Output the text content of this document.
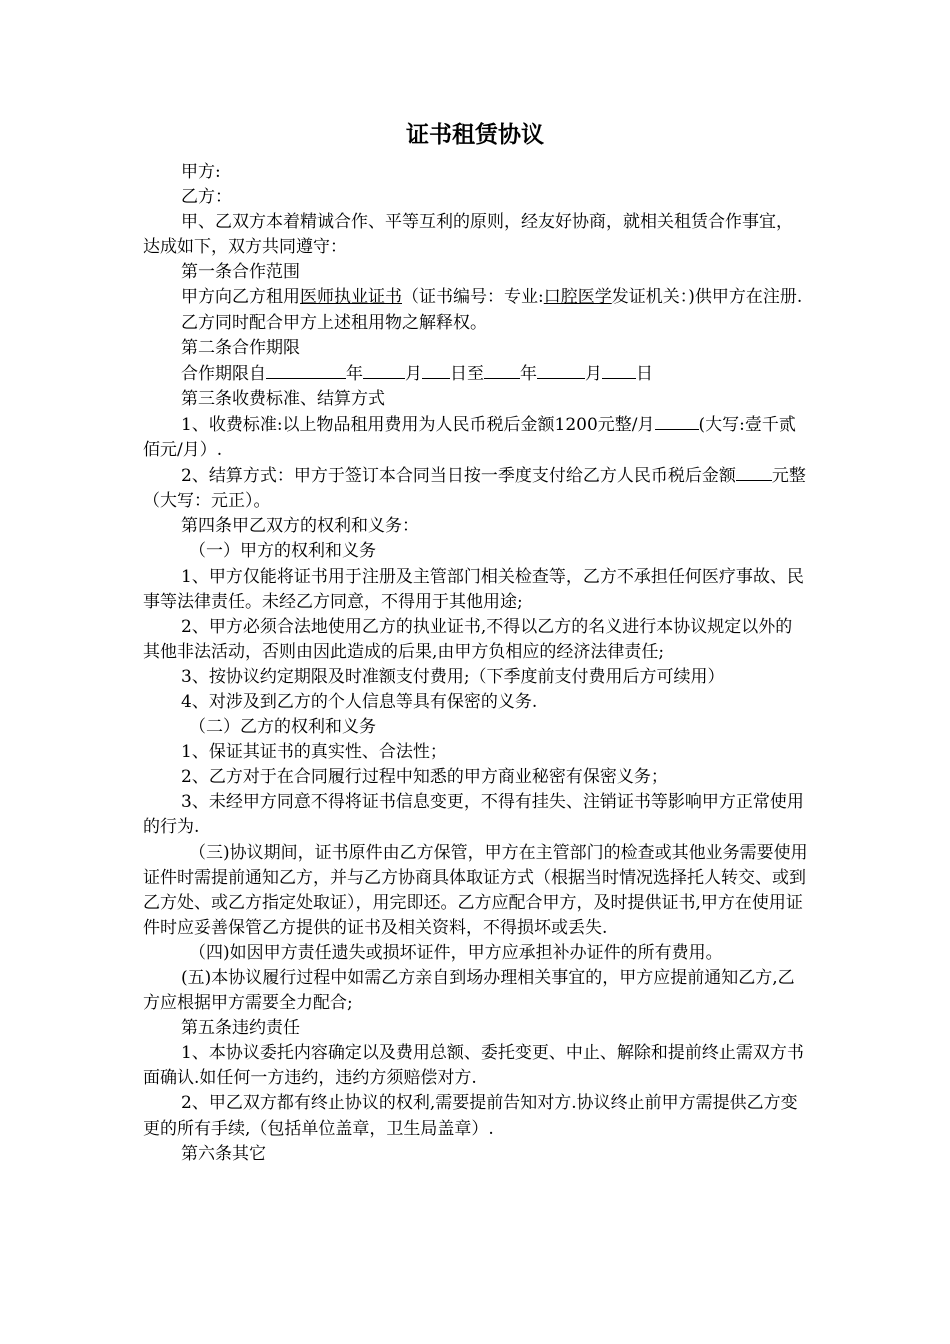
证书租赁协议

甲方:

乙方：

甲、乙双方本着精诚合作、平等互利的原则，经友好协商，就相关租赁合作事宜，达成如下，双方共同遵守：

第一条合作范围

甲方向乙方租用医师执业证书（证书编号：专业:口腔医学发证机关：)供甲方在注册.

乙方同时配合甲方上述租用物之解释权。

第二条合作期限

合作期限自	年 月 日至 年	月 日

第三条收费标准、结算方式

1、收费标准:以上物品租用费用为人民币税后金额1200元整/月	(大写:壹千贰佰元/月）.

2、结算方式：甲方于签订本合同当日按一季度支付给乙方人民币税后金额 元整（大写：元正）。

第四条甲乙双方的权利和义务：

（一）甲方的权利和义务

1、甲方仅能将证书用于注册及主管部门相关检查等，乙方不承担任何医疗事故、民事等法律责任。未经乙方同意，不得用于其他用途;

2、甲方必须合法地使用乙方的执业证书,不得以乙方的名义进行本协议规定以外的其他非法活动，否则由因此造成的后果,由甲方负相应的经济法律责任;

3、按协议约定期限及时准额支付费用;（下季度前支付费用后方可续用）

4、对涉及到乙方的个人信息等具有保密的义务.

（二）乙方的权利和义务

1、保证其证书的真实性、合法性；

2、乙方对于在合同履行过程中知悉的甲方商业秘密有保密义务；

3、未经甲方同意不得将证书信息变更，不得有挂失、注销证书等影响甲方正常使用的行为.

（三)协议期间，证书原件由乙方保管，甲方在主管部门的检查或其他业务需要使用证件时需提前通知乙方，并与乙方协商具体取证方式（根据当时情况选择托人转交、或到乙方处、或乙方指定处取证），用完即还。乙方应配合甲方，及时提供证书,甲方在使用证件时应妥善保管乙方提供的证书及相关资料，不得损坏或丢失.

（四)如因甲方责任遗失或损坏证件，甲方应承担补办证件的所有费用。

(五)本协议履行过程中如需乙方亲自到场办理相关事宜的，甲方应提前通知乙方,乙方应根据甲方需要全力配合;

第五条违约责任

1、本协议委托内容确定以及费用总额、委托变更、中止、解除和提前终止需双方书面确认.如任何一方违约，违约方须赔偿对方.

2、甲乙双方都有终止协议的权利,需要提前告知对方.协议终止前甲方需提供乙方变更的所有手续,（包括单位盖章，卫生局盖章）.

第六条其它
